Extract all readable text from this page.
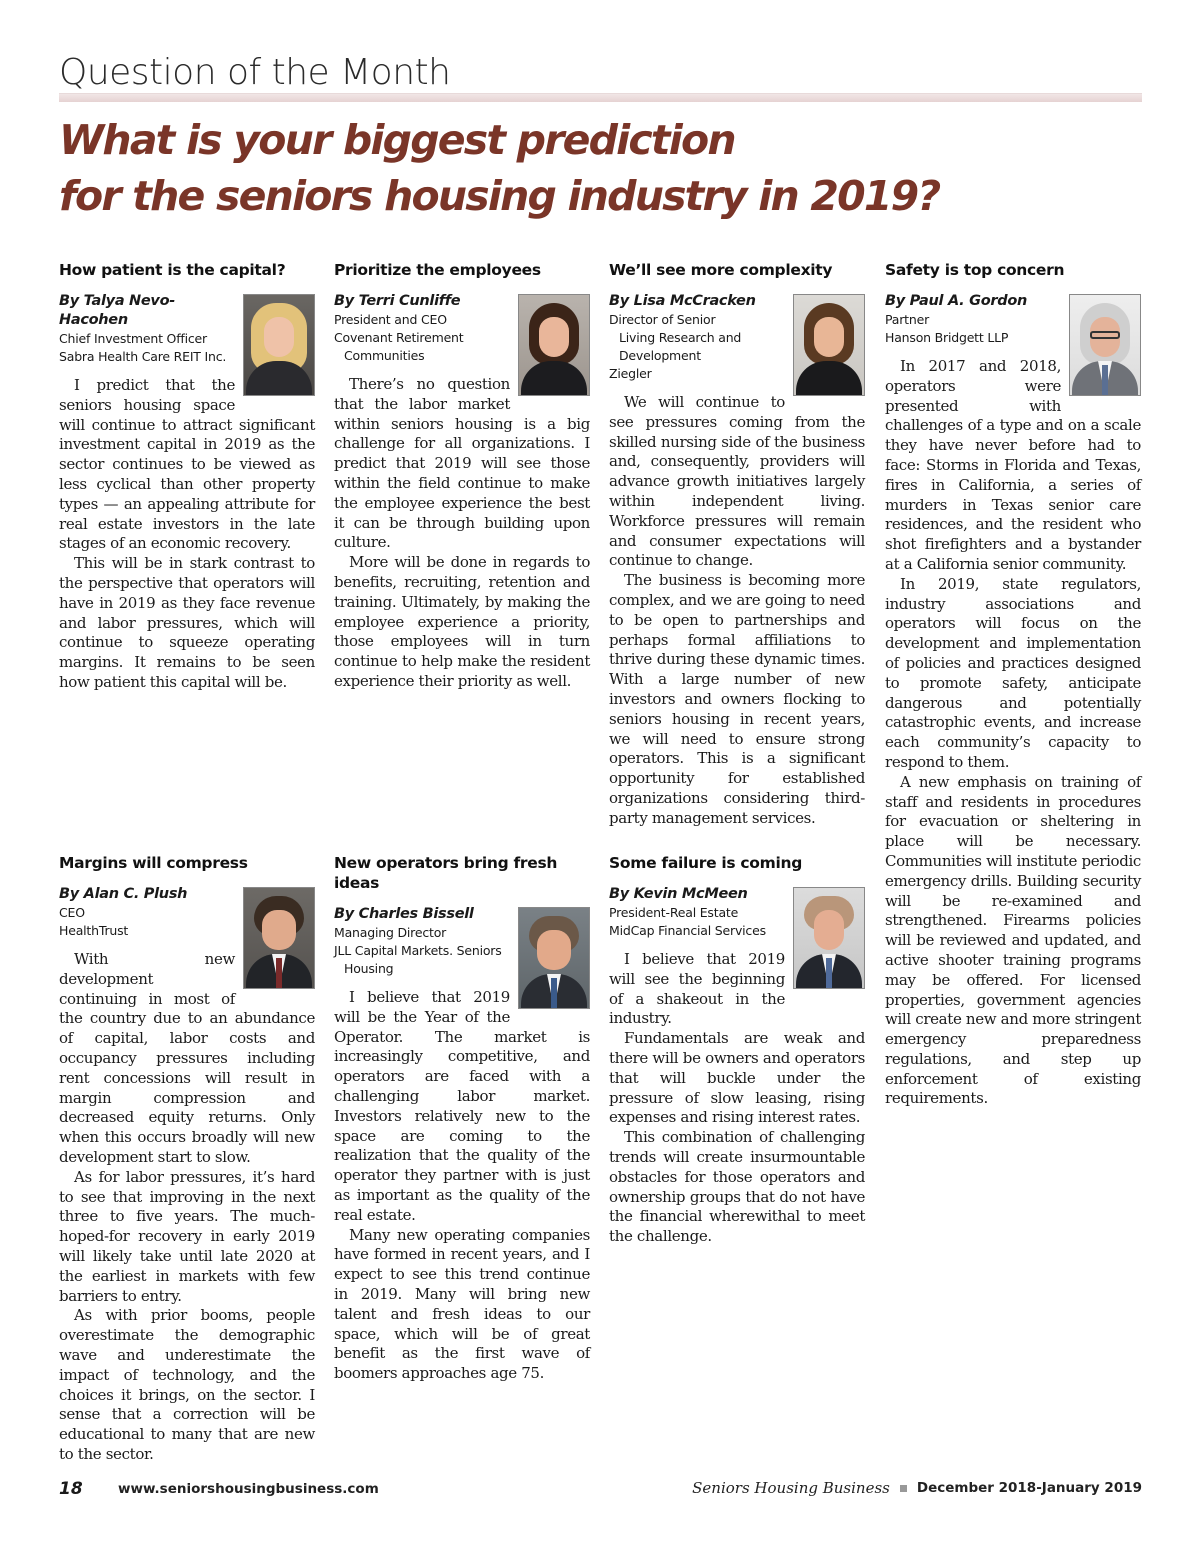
Question of the Month
What is your biggest prediction
for the seniors housing industry in 2019?
How patient is the capital?

By Talya Nevo-Hacohen

Chief Investment Officer

Sabra Health Care REIT Inc.

I predict that the seniors housing space will continue to attract significant investment capital in 2019 as the sector continues to be viewed as less cyclical than other property types — an appealing attribute for real estate investors in the late stages of an economic recovery.

This will be in stark contrast to the perspective that operators will have in 2019 as they face revenue and labor pressures, which will continue to squeeze operating margins. It remains to be seen how patient this capital will be.

Prioritize the employees

By Terri Cunliffe

President and CEO

Covenant Retirement

Communities

There’s no question that the labor market within seniors housing is a big challenge for all organizations. I predict that 2019 will see those within the field continue to make the employee experience the best it can be through building upon culture.

More will be done in regards to benefits, recruiting, retention and training. Ultimately, by making the employee experience a priority, those employees will in turn continue to help make the resident experience their priority as well.

We’ll see more complexity

By Lisa McCracken

Director of Senior

Living Research and

Development

Ziegler

We will continue to see pressures coming from the skilled nursing side of the business and, consequently, providers will advance growth initiatives largely within independent living. Workforce pressures will remain and consumer expectations will continue to change.

The business is becoming more complex, and we are going to need to be open to partnerships and perhaps formal affiliations to thrive during these dynamic times. With a large number of new investors and owners flocking to seniors housing in recent years, we will need to ensure strong operators. This is a significant opportunity for established organizations considering third-party management services.

Safety is top concern

By Paul A. Gordon

Partner

Hanson Bridgett LLP

In 2017 and 2018, operators were presented with challenges of a type and on a scale they have never before had to face: Storms in Florida and Texas, fires in California, a series of murders in Texas senior care residences, and the resident who shot firefighters and a bystander at a California senior community.

In 2019, state regulators, industry associations and operators will focus on the development and implementation of policies and practices designed to promote safety, anticipate dangerous and potentially catastrophic events, and increase each community’s capacity to respond to them.

A new emphasis on training of staff and residents in procedures for evacuation or sheltering in place will be necessary. Communities will institute periodic emergency drills. Building security will be re-examined and strengthened. Firearms policies will be reviewed and updated, and active shooter training programs may be offered. For licensed properties, government agencies will create new and more stringent emergency preparedness regulations, and step up enforcement of existing requirements.

Margins will compress

By Alan C. Plush

CEO

HealthTrust

With new development continuing in most of the country due to an abundance of capital, labor costs and occupancy pressures including rent concessions will result in margin compression and decreased equity returns. Only when this occurs broadly will new development start to slow.

As for labor pressures, it’s hard to see that improving in the next three to five years. The much-hoped-for recovery in early 2019 will likely take until late 2020 at the earliest in markets with few barriers to entry.

As with prior booms, people overestimate the demographic wave and underestimate the impact of technology, and the choices it brings, on the sector. I sense that a correction will be educational to many that are new to the sector.

New operators bring fresh ideas

By Charles Bissell

Managing Director

JLL Capital Markets. Seniors

Housing

I believe that 2019 will be the Year of the Operator. The market is increasingly competitive, and operators are faced with a challenging labor market. Investors relatively new to the space are coming to the realization that the quality of the operator they partner with is just as important as the quality of the real estate.

Many new operating companies have formed in recent years, and I expect to see this trend continue in 2019. Many will bring new talent and fresh ideas to our space, which will be of great benefit as the first wave of boomers approaches age 75.

Some failure is coming

By Kevin McMeen

President-Real Estate

MidCap Financial Services

I believe that 2019 will see the beginning of a shakeout in the industry.

Fundamentals are weak and there will be owners and operators that will buckle under the pressure of slow leasing, rising expenses and rising interest rates.

This combination of challenging trends will create insurmountable obstacles for those operators and ownership groups that do not have the financial wherewithal to meet the challenge.

18	www.seniorshousingbusiness.com	Seniors Housing Business December 2018-January 2019
